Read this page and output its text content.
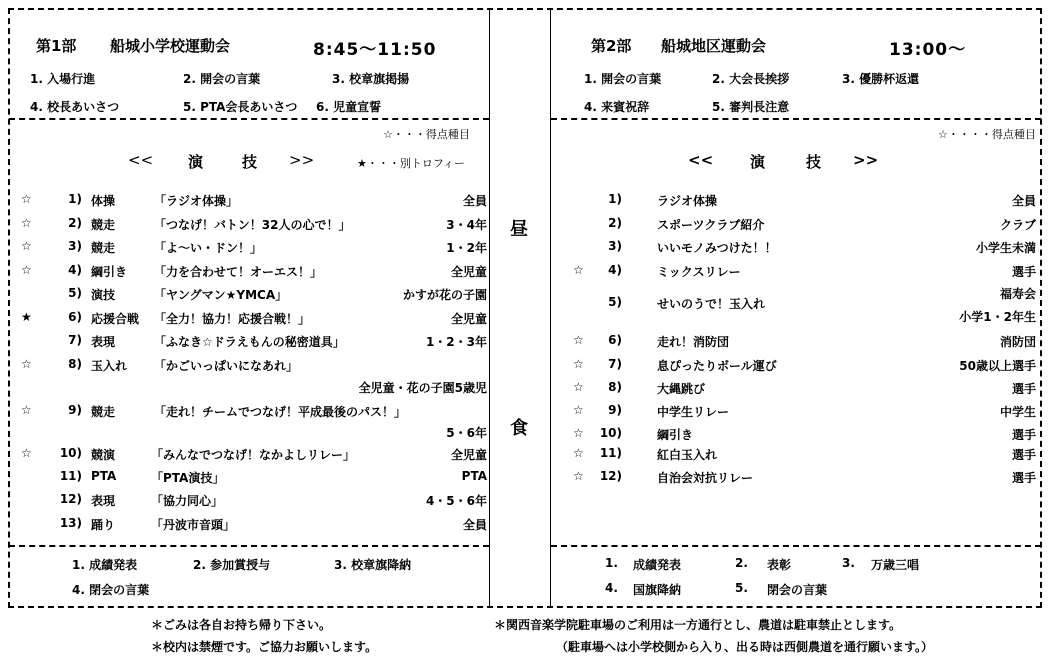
第1部 船城小学校運動会	8:45〜11:50
1. 入場行進	2. 開会の言葉	3. 校章旗掲揚
4. 校長あいさつ	5. PTA会長あいさつ 6. 児童宣誓
☆・・・得点種目
<< 演	技 >>	★・・・別トロフィー
☆	1) 体操	「ラジオ体操」	全員
☆	2) 競走	「つなげ！バトン！32人の心で！」	3・4年
☆	3) 競走	「よ〜い・ドン！」	1・2年
☆	4) 綱引き 「力を合わせて！オーエス！」	全児童
5) 演技	「ヤングマン★YMCA」	かすが花の子園
★	6) 応援合戦 「全力！協力！応援合戦！」	全児童
7) 表現	「ふなき☆ドラえもんの秘密道具」	1・2・3年
☆	8) 玉入れ 「かごいっぱいになあれ」
全児童・花の子園5歳児
☆	9) 競走	「走れ！チームでつなげ！平成最後のパス！」
5・6年
☆	10) 競演	「みんなでつなげ！なかよしリレー」	全児童
11) PTA	「PTA演技」	PTA
12) 表現	「協力同心」	4・5・6年
13) 踊り	「丹波市音頭」	全員
1. 成績発表	2. 参加賞授与	3. 校章旗降納
4. 閉会の言葉
昼
食
第2部 船城地区運動会	13:00〜
1. 開会の言葉	2. 大会長挨拶	3. 優勝杯返還
4. 来賓祝辞	5. 審判長注意
☆・・・・得点種目
<< 演	技 >>
1)	ラジオ体操	全員
2)	スポーツクラブ紹介	クラブ
3)	いいモノみつけた！！	小学生未満
☆	4)	ミックスリレー	選手
5)	せいのうで！玉入れ
福寿会
小学1・2年生
☆	6)	走れ！消防団	消防団
☆	7)	息ぴったりボール運び	50歳以上選手
☆	8)	大縄跳び	選手
☆	9)	中学生リレー	中学生
☆	10)	綱引き	選手
☆	11)	紅白玉入れ	選手
☆	12)	自治会対抗リレー	選手
1. 成績発表	2. 表彰	3. 万歳三唱
4. 国旗降納	5. 閉会の言葉
＊ごみは各自お持ち帰り下さい。
＊校内は禁煙です。ご協力お願いします。
＊関西音楽学院駐車場のご利用は一方通行とし、農道は駐車禁止とします。
（駐車場へは小学校側から入り、出る時は西側農道を通行願います。）
